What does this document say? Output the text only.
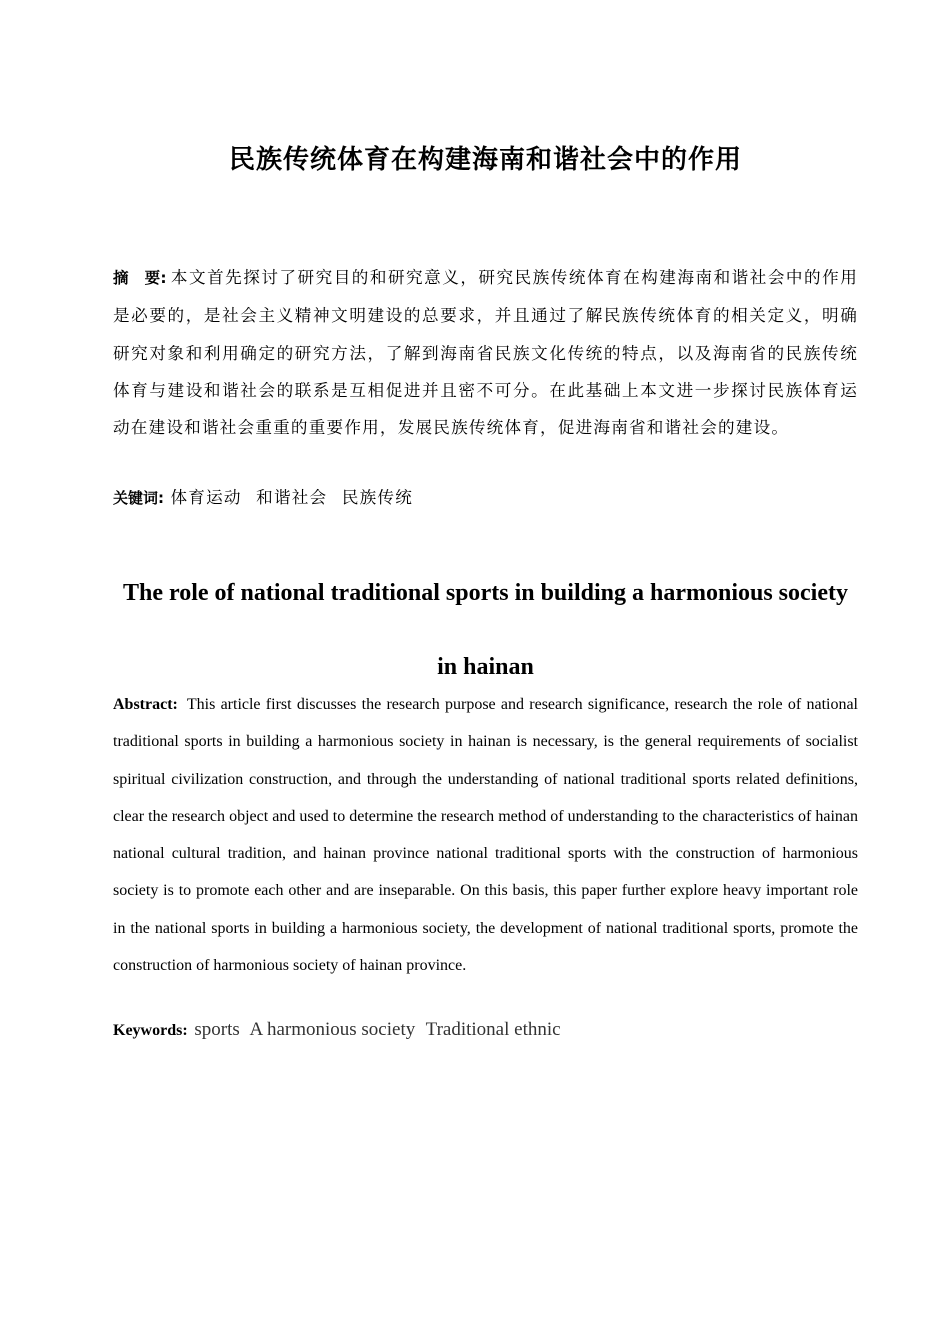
民族传统体育在构建海南和谐社会中的作用
摘　要: 本文首先探讨了研究目的和研究意义，研究民族传统体育在构建海南和谐社会中的作用是必要的，是社会主义精神文明建设的总要求，并且通过了解民族传统体育的相关定义，明确研究对象和利用确定的研究方法，了解到海南省民族文化传统的特点，以及海南省的民族传统体育与建设和谐社会的联系是互相促进并且密不可分。在此基础上本文进一步探讨民族体育运动在建设和谐社会重重的重要作用，发展民族传统体育，促进海南省和谐社会的建设。
关键词: 体育运动 和谐社会 民族传统
The role of national traditional sports in building a harmonious society
in hainan
Abstract: This article first discusses the research purpose and research significance, research the role of national traditional sports in building a harmonious society in hainan is necessary, is the general requirements of socialist spiritual civilization construction, and through the understanding of national traditional sports related definitions, clear the research object and used to determine the research method of understanding to the characteristics of hainan national cultural tradition, and hainan province national traditional sports with the construction of harmonious society is to promote each other and are inseparable. On this basis, this paper further explore heavy important role in the national sports in building a harmonious society, the development of national traditional sports, promote the construction of harmonious society of hainan province.
Keywords: sports A harmonious society Traditional ethnic
